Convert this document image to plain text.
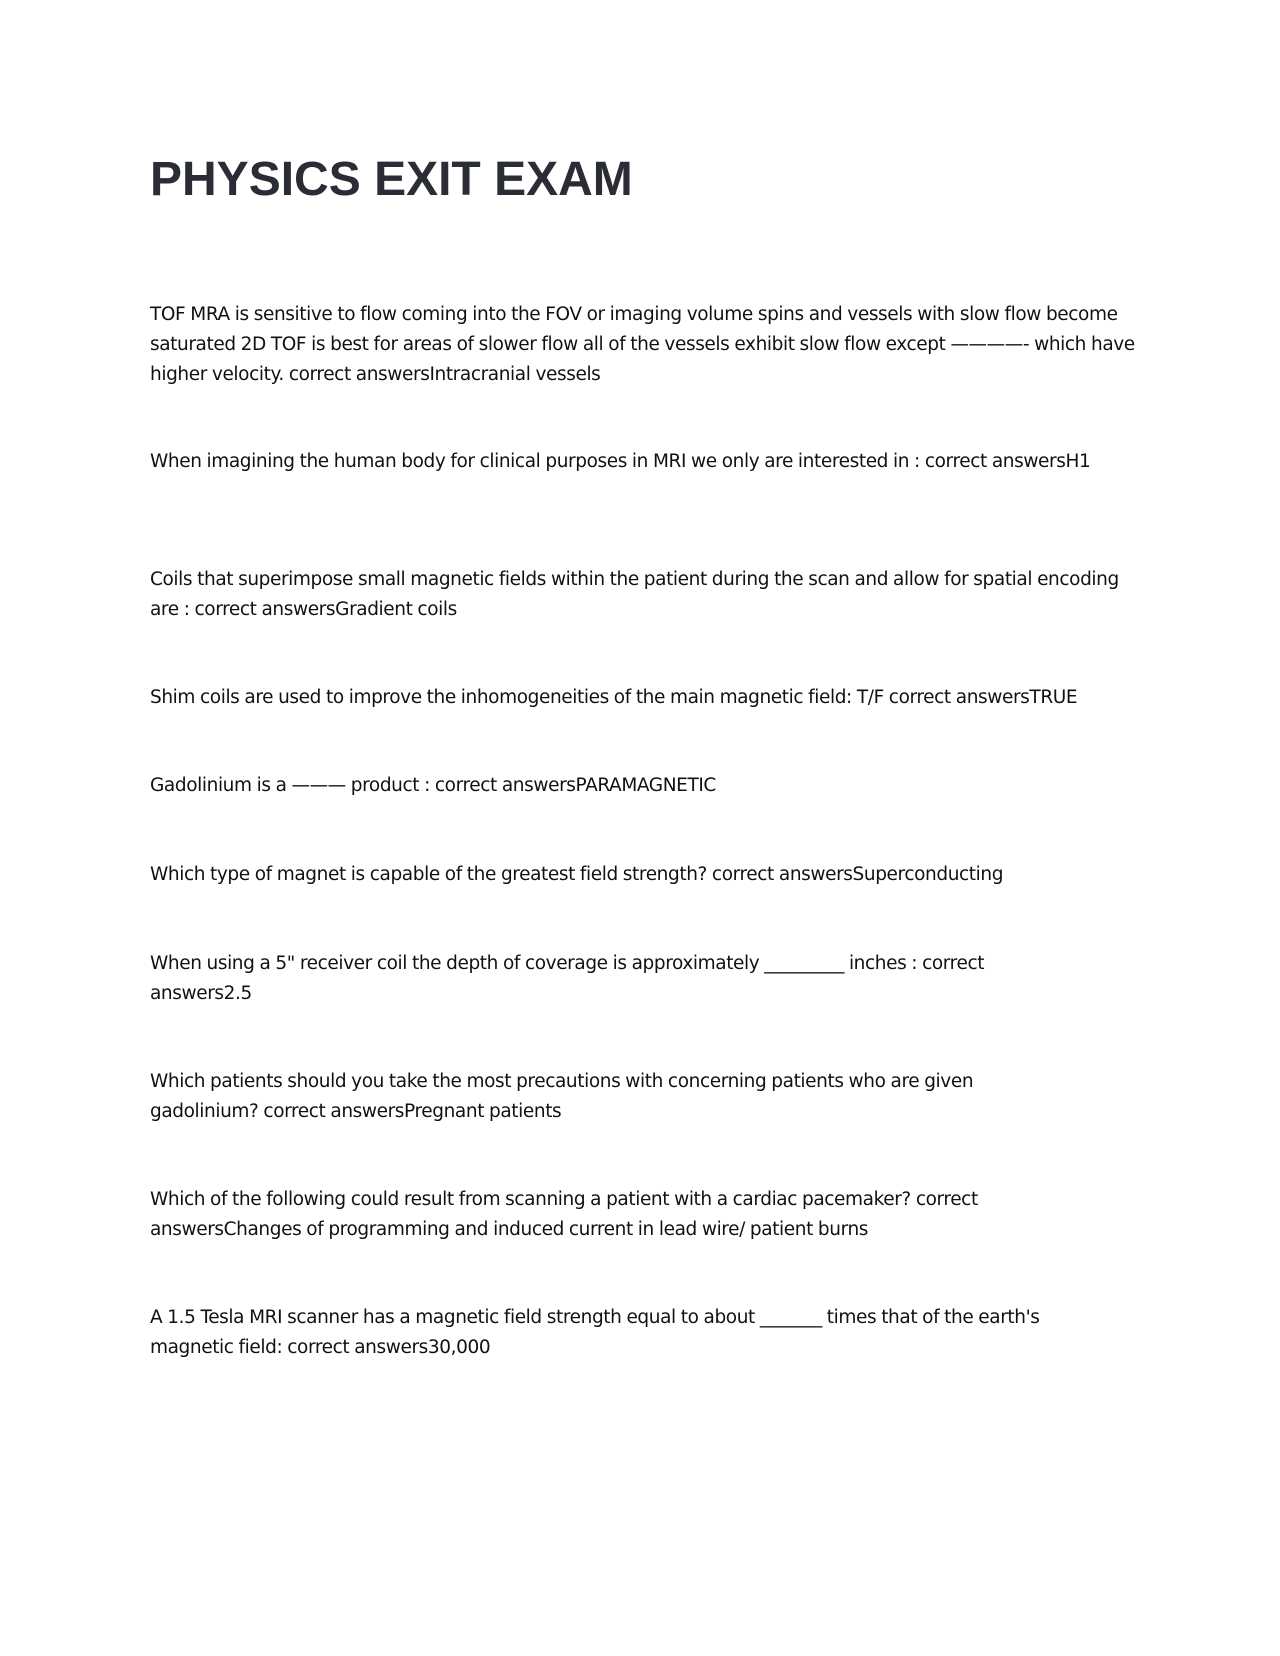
PHYSICS EXIT EXAM

TOF MRA is sensitive to flow coming into the FOV or imaging volume spins and vessels with slow flow become saturated 2D TOF is best for areas of slower flow all of the vessels exhibit slow flow except ————- which have higher velocity. correct answersIntracranial vessels

When imagining the human body for clinical purposes in MRI we only are interested in : correct answersH1

Coils that superimpose small magnetic fields within the patient during the scan and allow for spatial encoding are : correct answersGradient coils

Shim coils are used to improve the inhomogeneities of the main magnetic field: T/F correct answersTRUE

Gadolinium is a ——— product : correct answersPARAMAGNETIC

Which type of magnet is capable of the greatest field strength? correct answersSuperconducting

When using a 5" receiver coil the depth of coverage is approximately _________ inches : correct answers2.5

Which patients should you take the most precautions with concerning patients who are given gadolinium? correct answersPregnant patients

Which of the following could result from scanning a patient with a cardiac pacemaker? correct answersChanges of programming and induced current in lead wire/ patient burns

A 1.5 Tesla MRI scanner has a magnetic field strength equal to about _______ times that of the earth's magnetic field: correct answers30,000
